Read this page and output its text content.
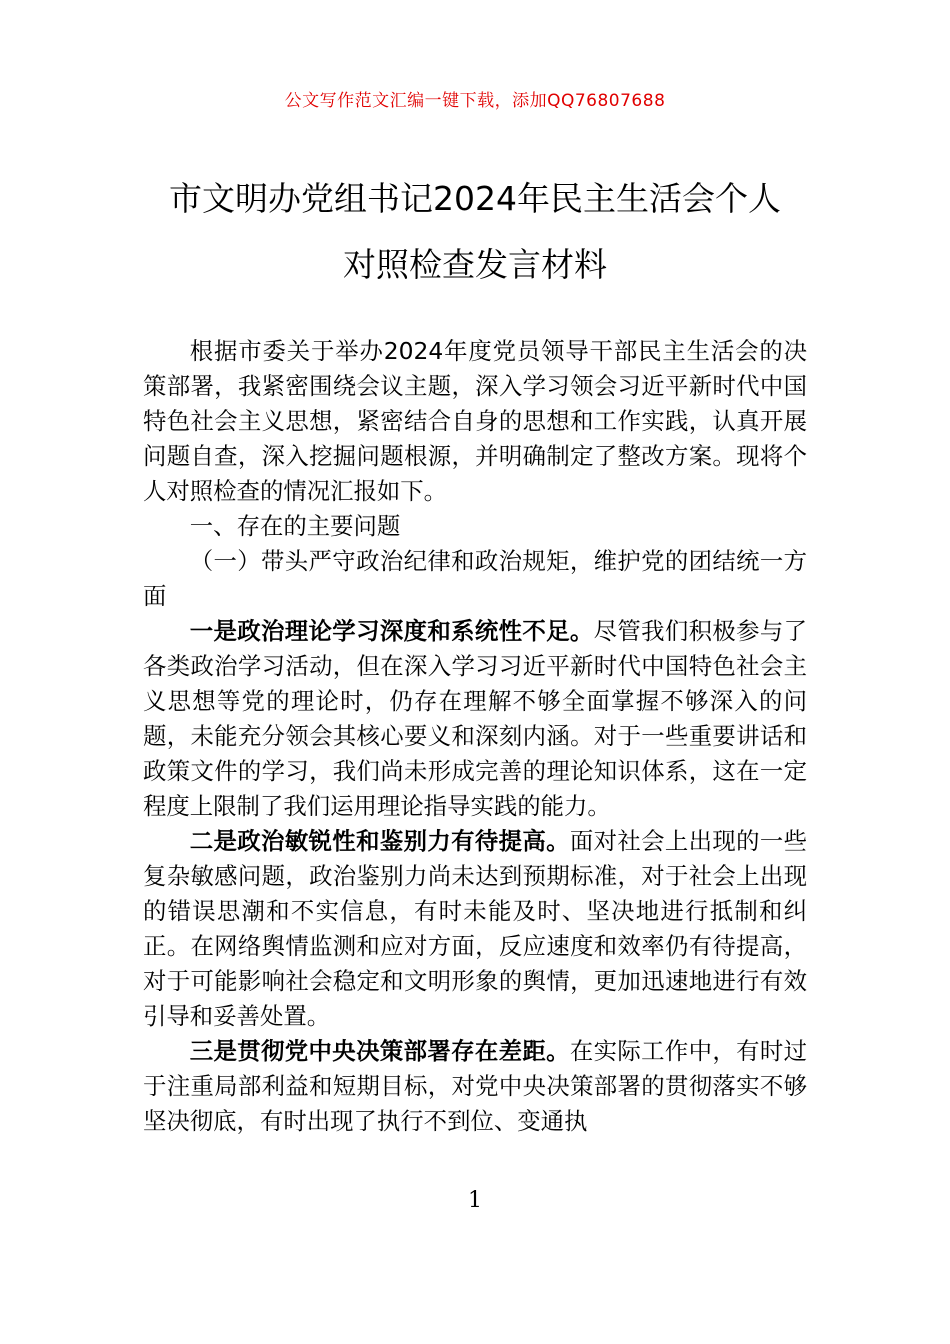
公文写作范文汇编一键下载，添加QQ76807688
市文明办党组书记2024年民主生活会个人
对照检查发言材料

根据市委关于举办2024年度党员领导干部民主生活会的决策部署，我紧密围绕会议主题，深入学习领会习近平新时代中国特色社会主义思想，紧密结合自身的思想和工作实践，认真开展问题自查，深入挖掘问题根源，并明确制定了整改方案。现将个人对照检查的情况汇报如下。

一、存在的主要问题

（一）带头严守政治纪律和政治规矩，维护党的团结统一方面

一是政治理论学习深度和系统性不足。尽管我们积极参与了各类政治学习活动，但在深入学习习近平新时代中国特色社会主义思想等党的理论时，仍存在理解不够全面掌握不够深入的问题，未能充分领会其核心要义和深刻内涵。对于一些重要讲话和政策文件的学习，我们尚未形成完善的理论知识体系，这在一定程度上限制了我们运用理论指导实践的能力。

二是政治敏锐性和鉴别力有待提高。面对社会上出现的一些复杂敏感问题，政治鉴别力尚未达到预期标准，对于社会上出现的错误思潮和不实信息，有时未能及时、坚决地进行抵制和纠正。在网络舆情监测和应对方面，反应速度和效率仍有待提高，对于可能影响社会稳定和文明形象的舆情，更加迅速地进行有效引导和妥善处置。

三是贯彻党中央决策部署存在差距。在实际工作中，有时过于注重局部利益和短期目标，对党中央决策部署的贯彻落实不够坚决彻底，有时出现了执行不到位、变通执

1
